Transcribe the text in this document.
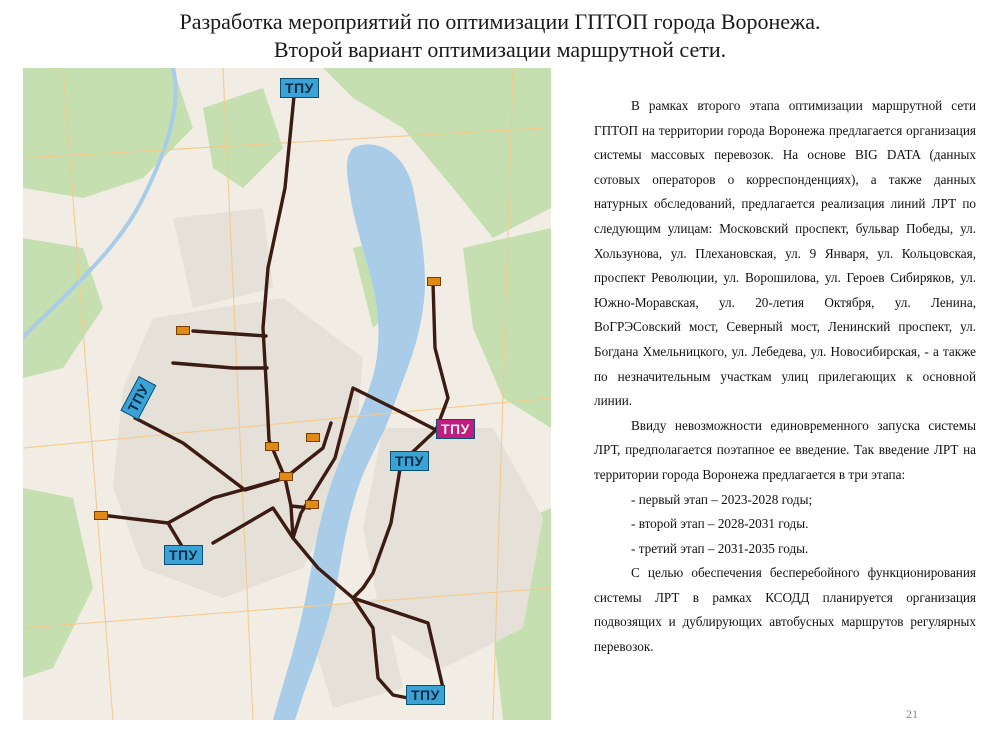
Разработка мероприятий по оптимизации ГПТОП города Воронежа.
Второй вариант оптимизации маршрутной сети.
ТПУ
ТПУ
ТПУ
ТПУ
ТПУ
ТПУ

В рамках второго этапа оптимизации маршрутной сети ГПТОП на территории города Воронежа предлагается организация системы массовых перевозок. На основе BIG DATA (данных сотовых операторов о корреспонденциях), а также данных натурных обследований, предлагается реализация линий ЛРТ по следующим улицам: Московский проспект, бульвар Победы, ул. Хользунова, ул. Плехановская, ул. 9 Января, ул. Кольцовская, проспект Революции, ул. Ворошилова, ул. Героев Сибиряков, ул. Южно-Моравская, ул. 20-летия Октября, ул. Ленина, ВоГРЭСовский мост, Северный мост, Ленинский проспект, ул. Богдана Хмельницкого, ул. Лебедева, ул. Новосибирская, - а также по незначительным участкам улиц прилегающих к основной линии.

Ввиду невозможности единовременного запуска системы ЛРТ, предполагается поэтапное ее введение. Так введение ЛРТ на территории города Воронежа предлагается в три этапа:

- первый этап – 2023-2028 годы;

- второй этап – 2028-2031 годы.

- третий этап – 2031-2035 годы.

С целью обеспечения бесперебойного функционирования системы ЛРТ в рамках КСОДД планируется организация подвозящих и дублирующих автобусных маршрутов регулярных перевозок.

21
